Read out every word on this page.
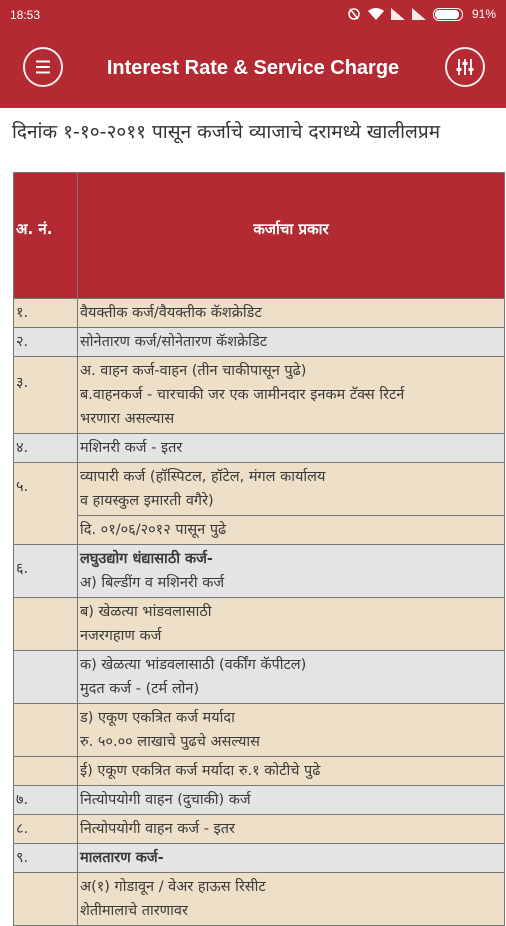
18:53	91%
Interest Rate & Service Charge
दिनांक १-१०-२०११ पासून कर्जाचे व्याजाचे दरामध्ये खालीलप्रम
अ. नं.	कर्जाचा प्रकार
१.	वैयक्तीक कर्ज/वैयक्तीक कॅशक्रेडिट

२.	सोनेतारण कर्ज/सोनेतारण कॅशक्रेडिट

३.	अ. वाहन कर्ज-वाहन (तीन चाकीपासून पुढे)
ब.वाहनकर्ज - चारचाकी जर एक जामीनदार इनकम टॅक्स रिटर्न
भरणारा असल्यास

४.	मशिनरी कर्ज - इतर

५.	व्यापारी कर्ज (हॉस्पिटल, हॉटेल, मंगल कार्यालय
व हायस्कुल इमारती वगैरे)

	दि. ०१/०६/२०१२ पासून पुढे

६.	लघुउद्योग धंद्यासाठी कर्ज-
अ) बिल्डींग व मशिनरी कर्ज

	ब) खेळत्या भांडवलासाठी
नजरगहाण कर्ज

	क) खेळत्या भांडवलासाठी (वर्कींग कॅपीटल)
मुदत कर्ज - (टर्म लोन)

	ड) एकूण एकत्रित कर्ज मर्यादा
रु. ५०.०० लाखाचे पुढचे असल्यास

	ई) एकूण एकत्रित कर्ज मर्यादा रु.१ कोटीचे पुढे

७.	नित्योपयोगी वाहन (दुचाकी) कर्ज

८.	नित्योपयोगी वाहन कर्ज - इतर

९.	मालतारण कर्ज-

	अ(१) गोडावून / वेअर हाऊस रिसीट
शेतीमालाचे तारणावर
